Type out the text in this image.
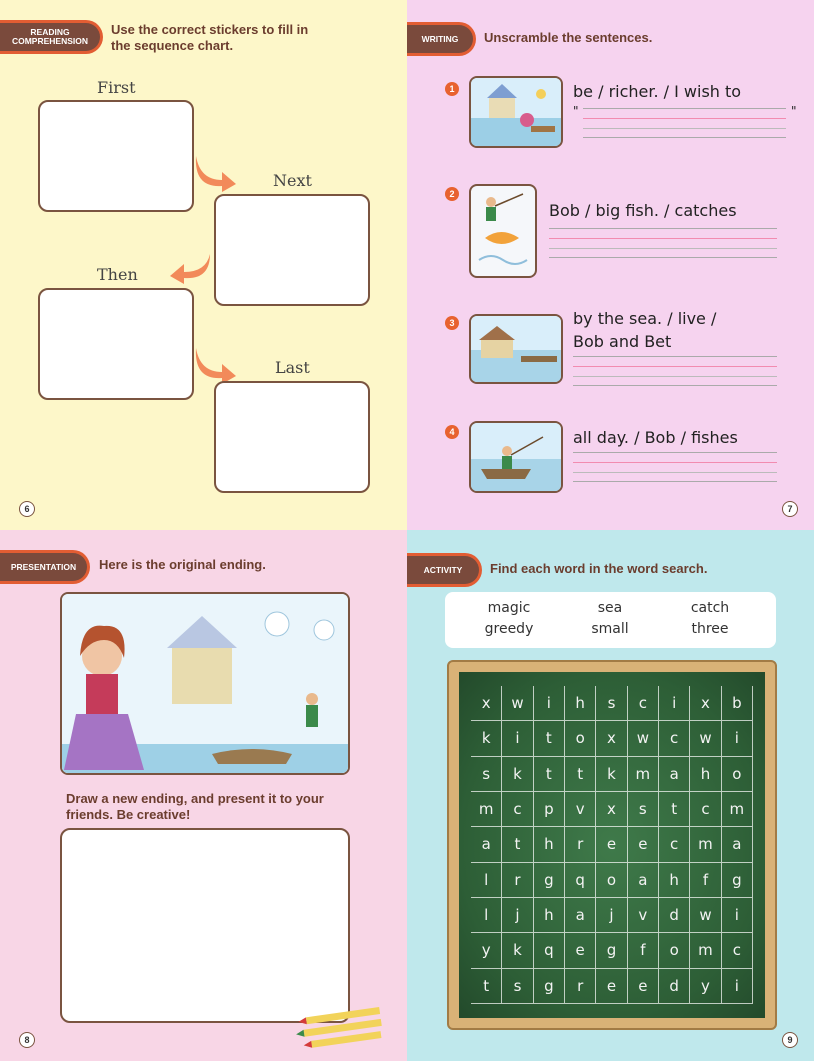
READING COMPREHENSION
Use the correct stickers to fill in the sequence chart.
First
Next
Then
Last
6
WRITING	Unscramble the sentences.
1	be / richer. / I wish to
"	"
2
Bob / big fish. / catches
3	by the sea. / live /
Bob and Bet
4	all day. / Bob / fishes
7
PRESENTATION	Here is the original ending.
Draw a new ending, and present it to your friends. Be creative!
8
ACTIVITY	Find each word in the word search.
magic	sea	catch
greedy	small	three
x	w	i	h	s	c	i	x	b
k	i	t	o	x	w	c	w	i
s	k	t	t	k	m	a	h	o
m	c	p	v	x	s	t	c	m
a	t	h	r	e	e	c	m	a
l	r	g	q	o	a	h	f	g
l	j	h	a	j	v	d	w	i
y	k	q	e	g	f	o	m	c
t	s	g	r	e	e	d	y	i
9
